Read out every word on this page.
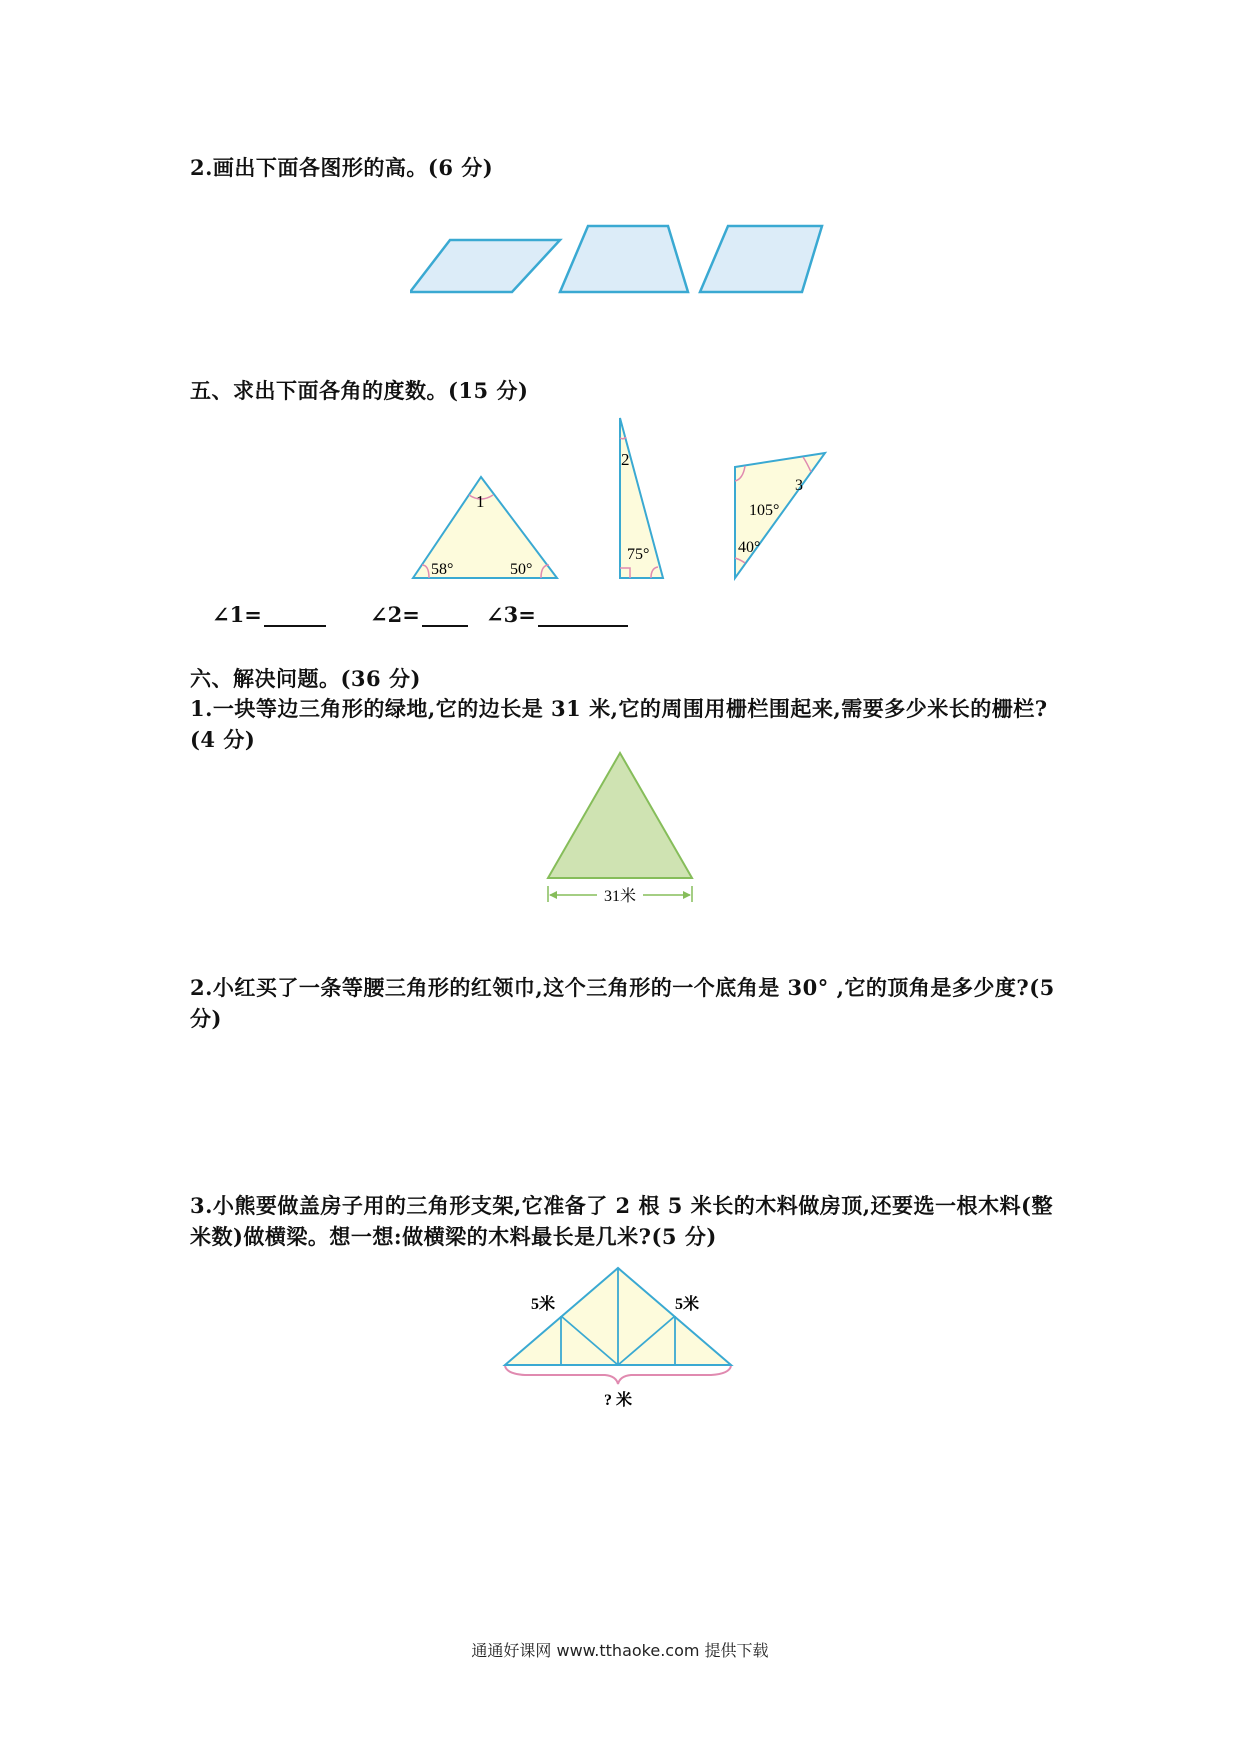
2.画出下面各图形的高。(6 分)
五、求出下面各角的度数。(15 分)
1
58°	50°
2
75°
3
105°
40°
∠1=	∠2=	∠3=
六、解决问题。(36 分)
1.一块等边三角形的绿地,它的边长是 31 米,它的周围用栅栏围起来,需要多少米长的栅栏?(4 分)
31米
2.小红买了一条等腰三角形的红领巾,这个三角形的一个底角是 30° ,它的顶角是多少度?(5 分)
3.小熊要做盖房子用的三角形支架,它准备了 2 根 5 米长的木料做房顶,还要选一根木料(整米数)做横梁。想一想:做横梁的木料最长是几米?(5 分)
5米	5米
? 米
通通好课网 www.tthaoke.com 提供下载
